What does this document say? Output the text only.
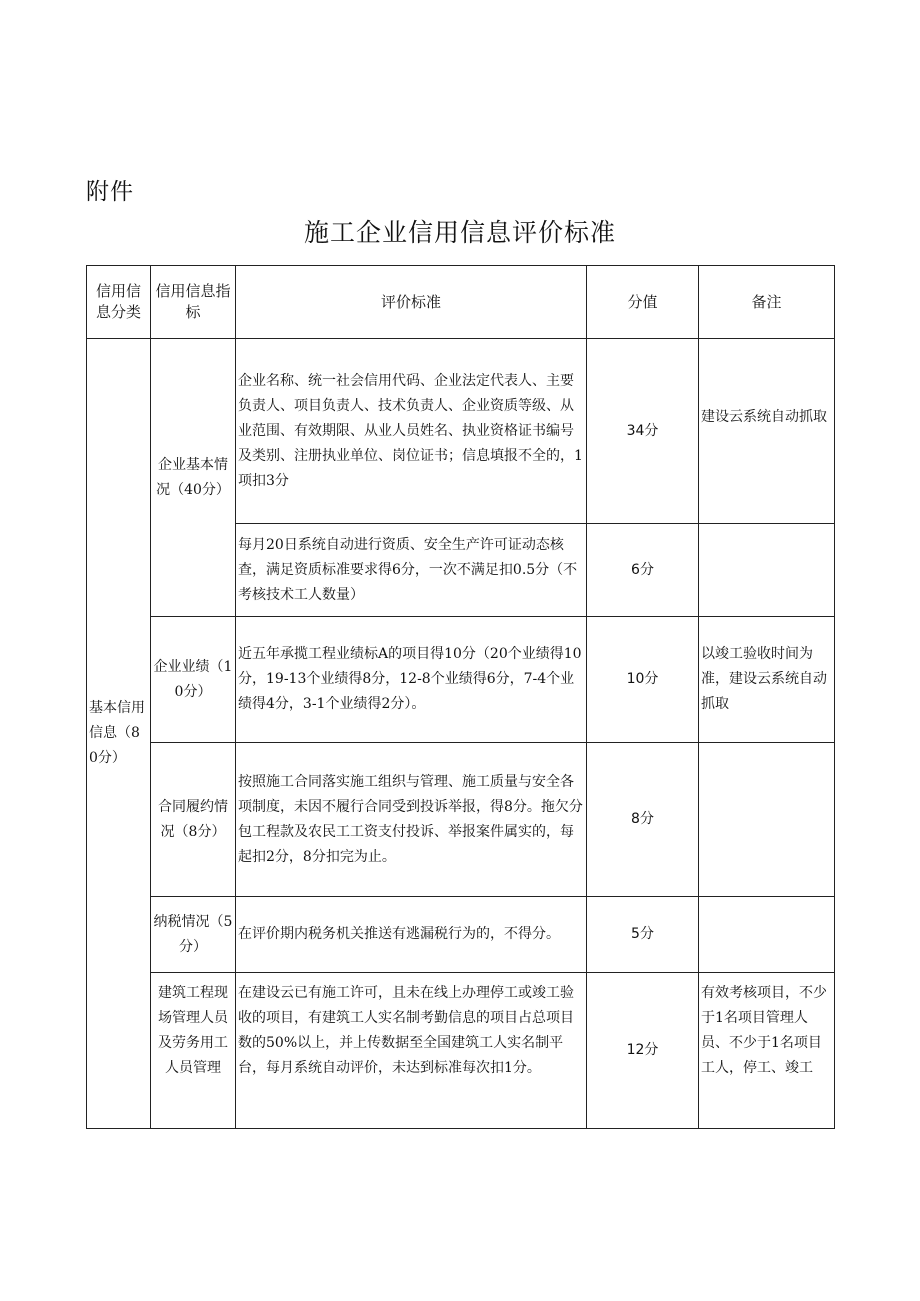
附件
施工企业信用信息评价标准
信用信息分类	信用信息指标	评价标准	分值	备注
基本信用信息（80分）	企业基本情况（40分）	企业名称、统一社会信用代码、企业法定代表人、主要负责人、项目负责人、技术负责人、企业资质等级、从业范围、有效期限、从业人员姓名、执业资格证书编号及类别、注册执业单位、岗位证书；信息填报不全的，1项扣3分	34分	建设云系统自动抓取
		每月20日系统自动进行资质、安全生产许可证动态核查，满足资质标准要求得6分，一次不满足扣0.5分（不考核技术工人数量）	6分	
	企业业绩（10分）	近五年承揽工程业绩标A的项目得10分（20个业绩得10分，19-13个业绩得8分，12-8个业绩得6分，7-4个业绩得4分，3-1个业绩得2分）。	10分	以竣工验收时间为准，建设云系统自动抓取
	合同履约情况（8分）	按照施工合同落实施工组织与管理、施工质量与安全各项制度，未因不履行合同受到投诉举报，得8分。拖欠分包工程款及农民工工资支付投诉、举报案件属实的，每起扣2分，8分扣完为止。	8分	
	纳税情况（5分）	在评价期内税务机关推送有逃漏税行为的，不得分。	5分	
	建筑工程现场管理人员及劳务用工人员管理	在建设云已有施工许可，且未在线上办理停工或竣工验收的项目，有建筑工人实名制考勤信息的项目占总项目数的50%以上，并上传数据至全国建筑工人实名制平台，每月系统自动评价，未达到标准每次扣1分。	12分	有效考核项目，不少于1名项目管理人员、不少于1名项目工人，停工、竣工
